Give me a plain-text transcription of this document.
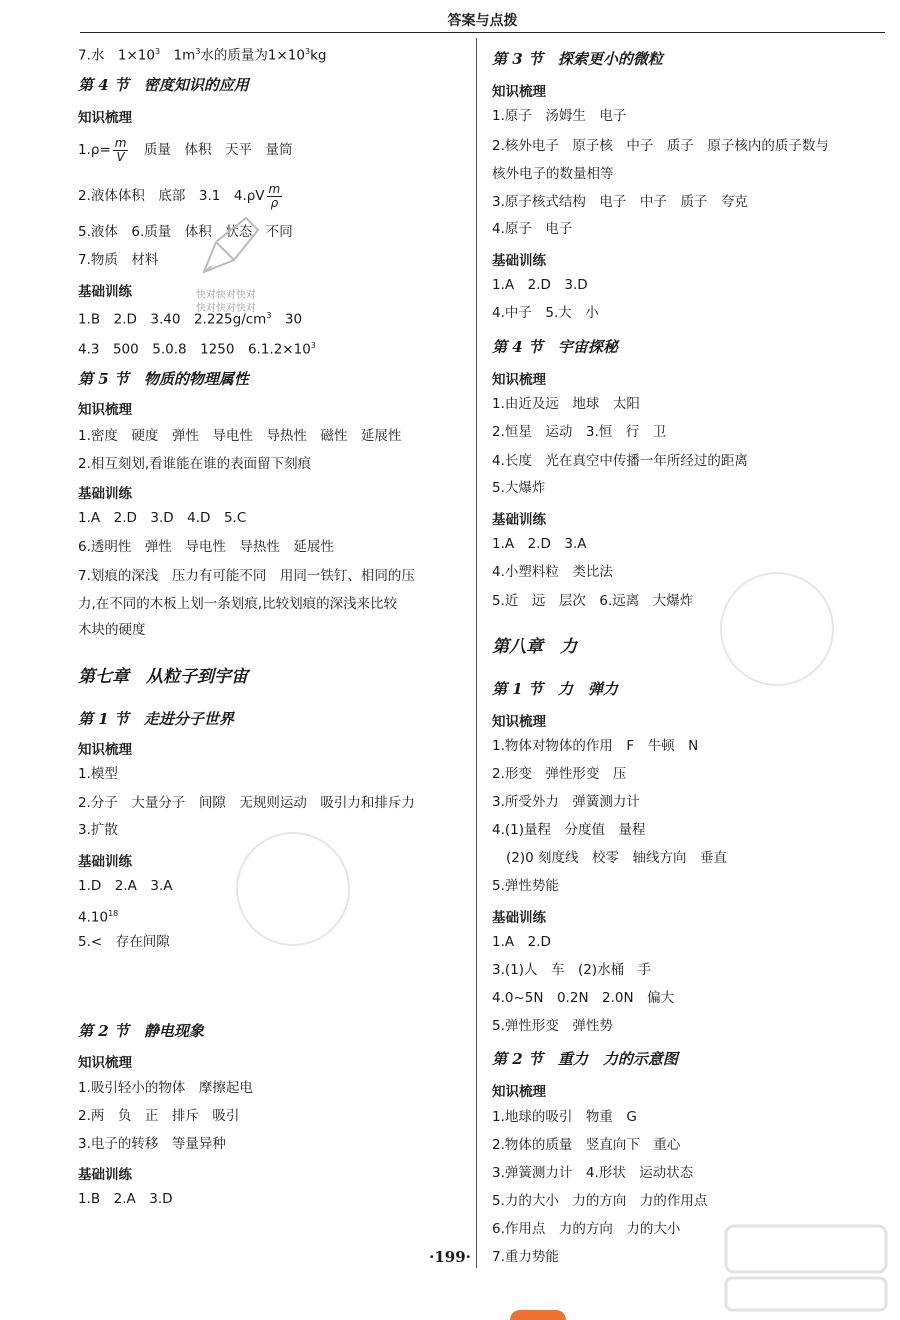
答案与点拨
7.水　$1\times 10^3$　$1m^3$水的质量为$1\times 10^3kg$
第 4 节　密度知识的应用
知识梳理
$1.\rho= \frac{m}{V}$ 　质量　体积　天平　量筒
2.液体体积　底部　3.1　$4.\rho V \frac{m}{\rho}$
5.液体　6.质量　体积　状态　不同
7.物质　材料
基础训练
1.B　2.D　3.40　$2.225g/cm^3$　30
4.3　500　5.0.8　1250　$6.1.2\times 10^3$
第 5 节　物质的物理属性
知识梳理
1.密度　硬度　弹性　导电性　导热性　磁性　延展性
2.相互刻划,看谁能在谁的表面留下刻痕
基础训练
1.A　2.D　3.D　4.D　5.C
6.透明性　弹性　导电性　导热性　延展性
7.划痕的深浅　压力有可能不同　用同一铁钉、相同的压
力,在不同的木板上划一条划痕,比较划痕的深浅来比较
木块的硬度
第七章　从粒子到宇宙
第 1 节　走进分子世界
知识梳理
1.模型
2.分子　大量分子　间隙　无规则运动　吸引力和排斥力
3.扩散
基础训练
1.D　2.A　3.A
4.10$^{18}$
5.<　存在间隙
第 2 节　静电现象
知识梳理
1.吸引轻小的物体　摩擦起电
2.两　负　正　排斥　吸引
3.电子的转移　等量异种
基础训练
1.B　2.A　3.D
第 3 节　探索更小的微粒
知识梳理
1.原子　汤姆生　电子
2.核外电子　原子核　中子　质子　原子核内的质子数与
核外电子的数量相等
3.原子核式结构　电子　中子　质子　夸克
4.原子　电子
基础训练
1.A　2.D　3.D
4.中子　5.大　小
第 4 节　宇宙探秘
知识梳理
1.由近及远　地球　太阳
2.恒星　运动　3.恒　行　卫
4.长度　光在真空中传播一年所经过的距离
5.大爆炸
基础训练
1.A　2.D　3.A
4.小塑料粒　类比法
5.近　远　层次　6.远离　大爆炸
第八章　力
第 1 节　力　弹力
知识梳理
1.物体对物体的作用　F　牛顿　N
2.形变　弹性形变　压
3.所受外力　弹簧测力计
4.(1)量程　分度值　量程
(2)0 刻度线　校零　轴线方向　垂直
5.弹性势能
基础训练
1.A　2.D
3.(1)人　车　(2)水桶　手
4.0~5N　0.2N　2.0N　偏大
5.弹性形变　弹性势
第 2 节　重力　力的示意图
知识梳理
1.地球的吸引　物重　G
2.物体的质量　竖直向下　重心
3.弹簧测力计　4.形状　运动状态
5.力的大小　力的方向　力的作用点
6.作用点　力的方向　力的大小
7.重力势能
快对快对快对
快对快对快对
·199·
